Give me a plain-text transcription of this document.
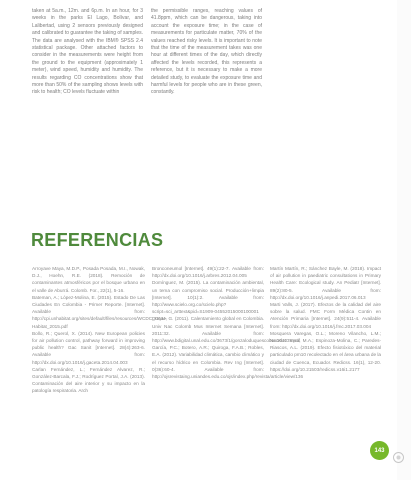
taken at 5a.m., 12m. and 6p.m. In an hour, for 3 weeks in the parks El Lago, Bolívar, and Lalibertad, using 2 sensors previously designed and calibrated to guarantee the taking of samples. The data are analysed with the IBM® SPSS 2.4 statistical package. Other attached factors to consider in the measurements were height from the ground to the equipment (approximately 1 meter), wind speed, humidity and humidity. The results regarding CO concentrations show that more than 50% of the sampling shows levels with risk to health; CO levels fluctuate within

the permissible ranges, reaching values of 41.8ppm, which can be dangerous, taking into account the exposure time; in the case of measurements for particulate matter, 70% of the values reached risky levels. It is important to note that the time of the measurement takes was one hour at different times of the day, which directly affected the levels recorded, this represents a reference, but it is necessary to make a more detailed study, to evaluate the exposure time and harmful levels for people who are in these green, constantly.

REFERENCIAS

Arroyave Maya, M.D.P., Posada Posada, M.I., Nowak, D.J., Hoehn, R.E. (2018). Remoción de contaminantes atmosféricos por el bosque urbano en el valle de Aburrá. Colomb. For., 22(1), 5-16.

Bateman, A.; López-Molina, E. (2015). Estado De Las Ciudades En Colombia - Primer Reporte. [Internet]. Available from: http://cpi.unhabitat.org/sites/default/files/resources/WCDC_ONU-Habitat_2015.pdf

Bollo, R.; Querol, X. (2014). New European policies for air pollution control, pathway forward in improving public health? Gac Sanit [Internet]. 28(4):263-6. Available from: http://dx.doi.org/10.1016/j.gaceta.2014.04.003

Carlan Fernández, L.; Fernández Alvarez, R.; González-Barcala, F.J.; Rodríguez Portal, J.A. (2013). Contaminación del aire interior y su impacto en la patología respiratoria. Arch

Bronconeumol [Internet]. 49(1):22-7. Available from: http://dx.doi.org/10.1016/j.arbres.2012.04.005

Domínguez, M. (2015). La contaminación ambiental, un tema con compromiso social. Producción+limpia [Internet]. 10(1):2. Available from: http://www.scielo.org.co/scielo.php?script=sci_arttext&pid=S1909-04552015000100001

Duque, G. (2011). Calentamiento global en Colombia. Univ Nac Colomb Mus Internet Semana [Internet]. 2011:32. Available from: http://www.bdigital.unal.edu.co/3673/1/gonzaloduquescobar.201138.pdf

García, P.C.; Botero, A.R.; Quiroga, F.A.B.; Robles, E.A. (2012). Variabilidad climática, cambio climático y el recurso hídrico en Colombia. Rev Ing [Internet]. 0(36):60-4. Available from: http://ojsrevistaing.uniandes.edu.co/ojs/index.php/revista/article/view/136

Martín Martín, R.; Sánchez Bayle, M. (2018). Impact of air pollution in paediatric consultations in Primary Health Care: Ecological study. An Pediatr [Internet]. 89(2):80-5. Available from: http://dx.doi.org/10.1016/j.anpedi.2017.06.013

Marti Valls, J. (2017). Efectos de la calidad del aire sobre la salud. FMC Form Médica Contin en Atención Primaria [Internet]. 24(9):511-4. Available from: http://dx.doi.org/10.1016/j.fmc.2017.03.004

Mosquera Varegas, O.L.; Moreno Vilancho, L.M.; Narváez Vera, M.A.; Espinoza-Molina, C.; Paredes-Riascos, A.L. (2019). Efecto fisiotóxico del material particulado pm10 recolectado en el área urbana de la ciudad de Cuenca, Ecuador. Redicss. 16(1), 12-20. https://doi.org/10.21503/redicss.v16i1.2177

143
